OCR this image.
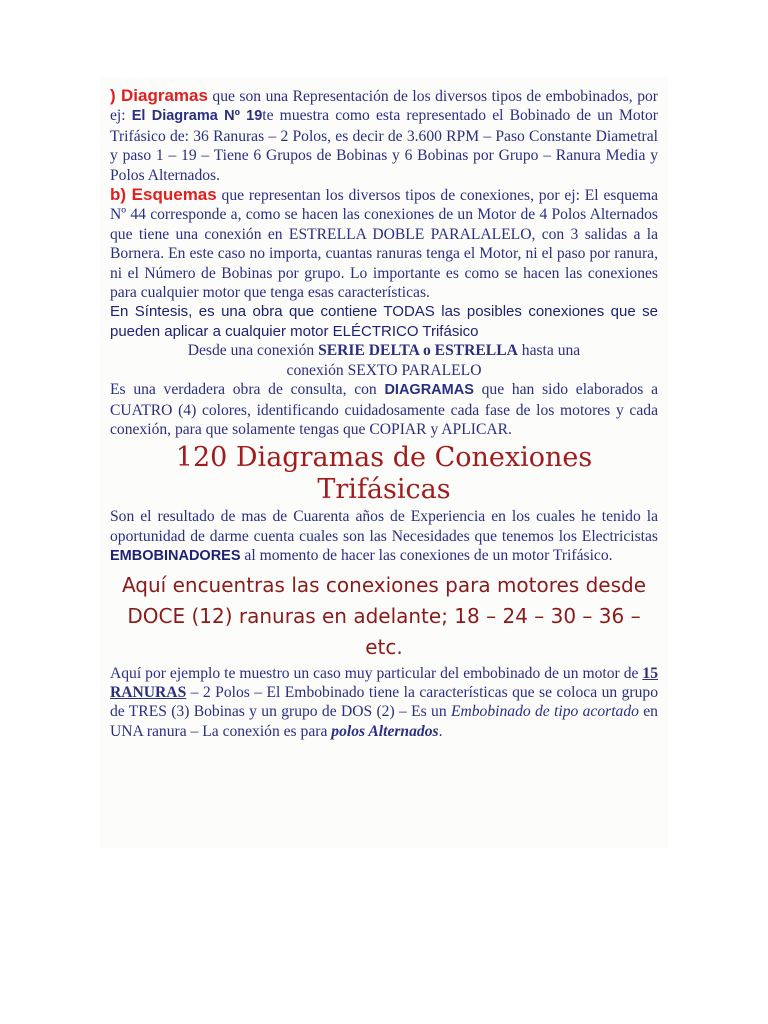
) Diagramas que son una Representación de los diversos tipos de embobinados, por ej: El Diagrama Nº 19te muestra como esta representado el Bobinado de un Motor Trifásico de: 36 Ranuras – 2 Polos, es decir de 3.600 RPM – Paso Constante Diametral y paso 1 – 19 – Tiene 6 Grupos de Bobinas y 6 Bobinas por Grupo – Ranura Media y Polos Alternados.

b) Esquemas que representan los diversos tipos de conexiones, por ej: El esquema Nº 44 corresponde a, como se hacen las conexiones de un Motor de 4 Polos Alternados que tiene una conexión en ESTRELLA DOBLE PARALALELO, con 3 salidas a la Bornera. En este caso no importa, cuantas ranuras tenga el Motor, ni el paso por ranura, ni el Número de Bobinas por grupo. Lo importante es como se hacen las conexiones para cualquier motor que tenga esas características.

En Síntesis, es una obra que contiene TODAS las posibles conexiones que se pueden aplicar a cualquier motor ELÉCTRICO Trifásico

Desde una conexión SERIE DELTA o ESTRELLA hasta una conexión SEXTO PARALELO

Es una verdadera obra de consulta, con DIAGRAMAS que han sido elaborados a CUATRO (4) colores, identificando cuidadosamente cada fase de los motores y cada conexión, para que solamente tengas que COPIAR y APLICAR.

120 Diagramas de Conexiones Trifásicas

Son el resultado de mas de Cuarenta años de Experiencia en los cuales he tenido la oportunidad de darme cuenta cuales son las Necesidades que tenemos los Electricistas EMBOBINADORES al momento de hacer las conexiones de un motor Trifásico.

Aquí encuentras las conexiones para motores desde DOCE (12) ranuras en adelante; 18 – 24 – 30 – 36 – etc.

Aquí por ejemplo te muestro un caso muy particular del embobinado de un motor de 15 RANURAS – 2 Polos – El Embobinado tiene la características que se coloca un grupo de TRES (3) Bobinas y un grupo de DOS (2) – Es un Embobinado de tipo acortado en UNA ranura – La conexión es para polos Alternados.
